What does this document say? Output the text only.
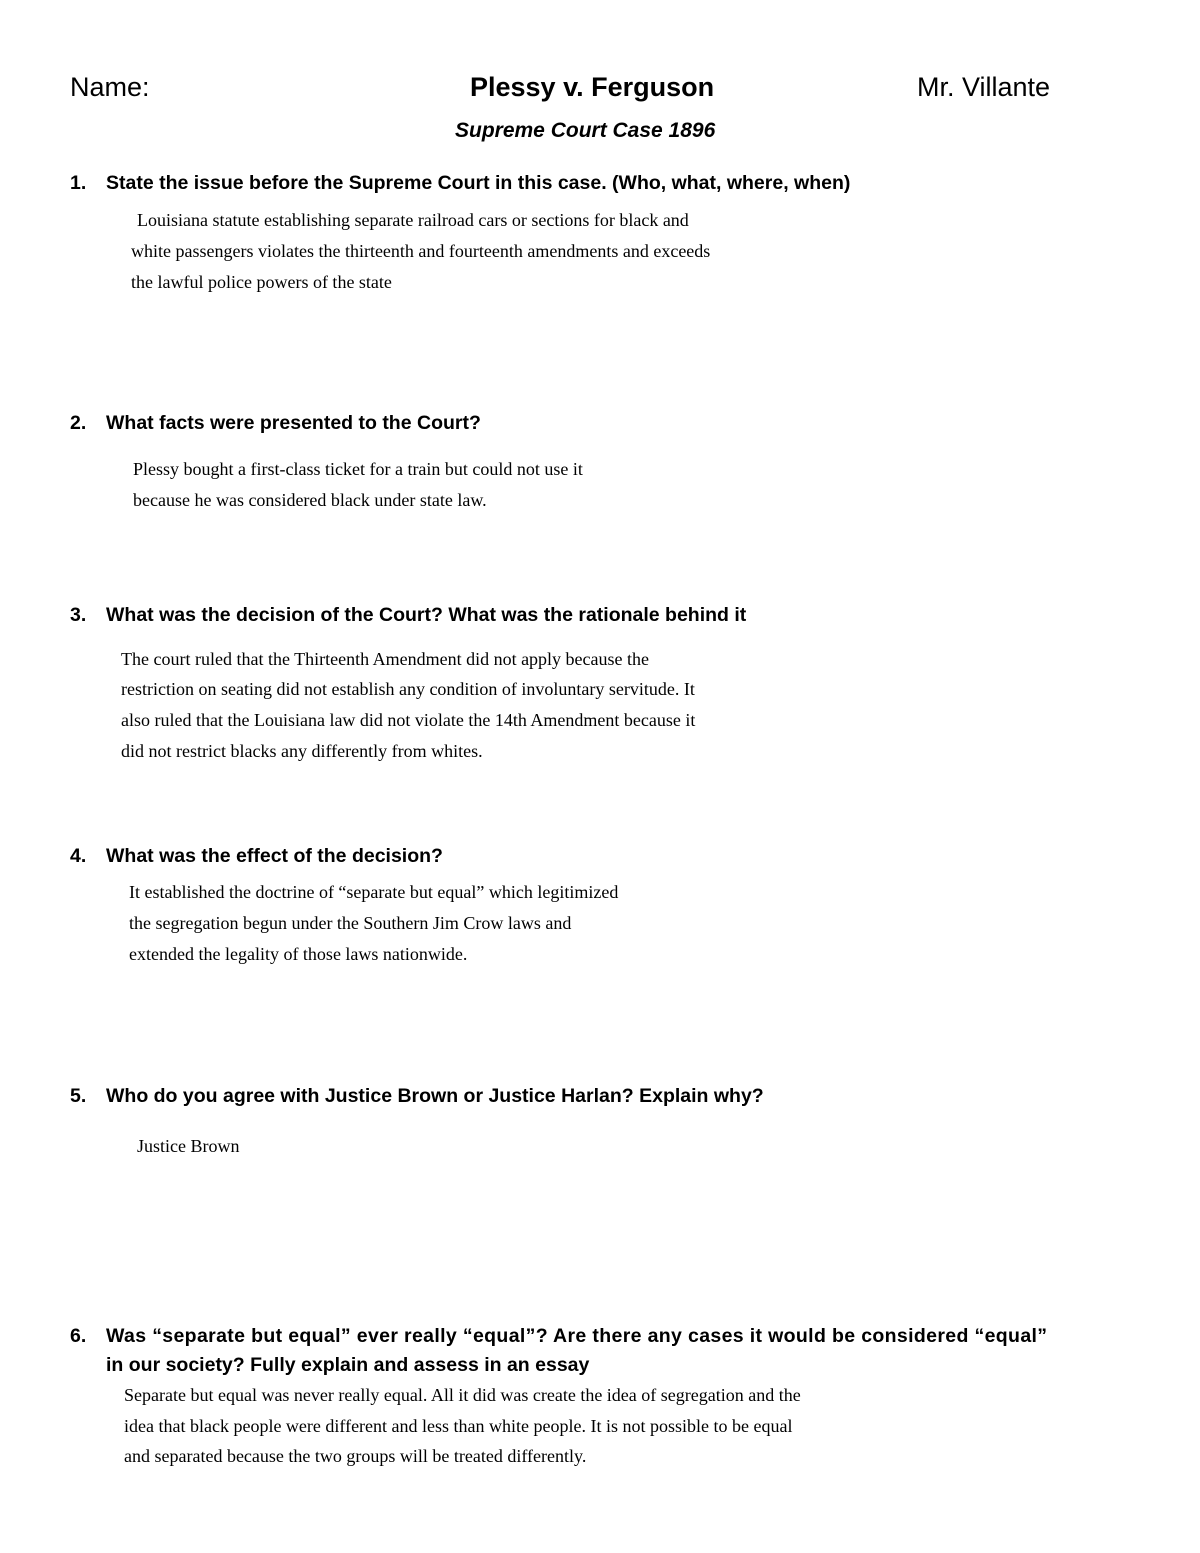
Name:	Plessy v. Ferguson	Mr. Villante
Supreme Court Case 1896
1. State the issue before the Supreme Court in this case. (Who, what, where, when)
Louisiana statute establishing separate railroad cars or sections for black and
white passengers violates the thirteenth and fourteenth amendments and exceeds
the lawful police powers of the state
2. What facts were presented to the Court?
Plessy bought a first-class ticket for a train but could not use it
because he was considered black under state law.
3. What was the decision of the Court? What was the rationale behind it
The court ruled that the Thirteenth Amendment did not apply because the
restriction on seating did not establish any condition of involuntary servitude. It
also ruled that the Louisiana law did not violate the 14th Amendment because it
did not restrict blacks any differently from whites.
4. What was the effect of the decision?
It established the doctrine of “separate but equal” which legitimized
the segregation begun under the Southern Jim Crow laws and
extended the legality of those laws nationwide.
5. Who do you agree with Justice Brown or Justice Harlan? Explain why?
Justice Brown
6. Was “separate but equal” ever really “equal”? Are there any cases it would be considered “equal”
in our society? Fully explain and assess in an essay
Separate but equal was never really equal. All it did was create the idea of segregation and the
idea that black people were different and less than white people. It is not possible to be equal
and separated because the two groups will be treated differently.
